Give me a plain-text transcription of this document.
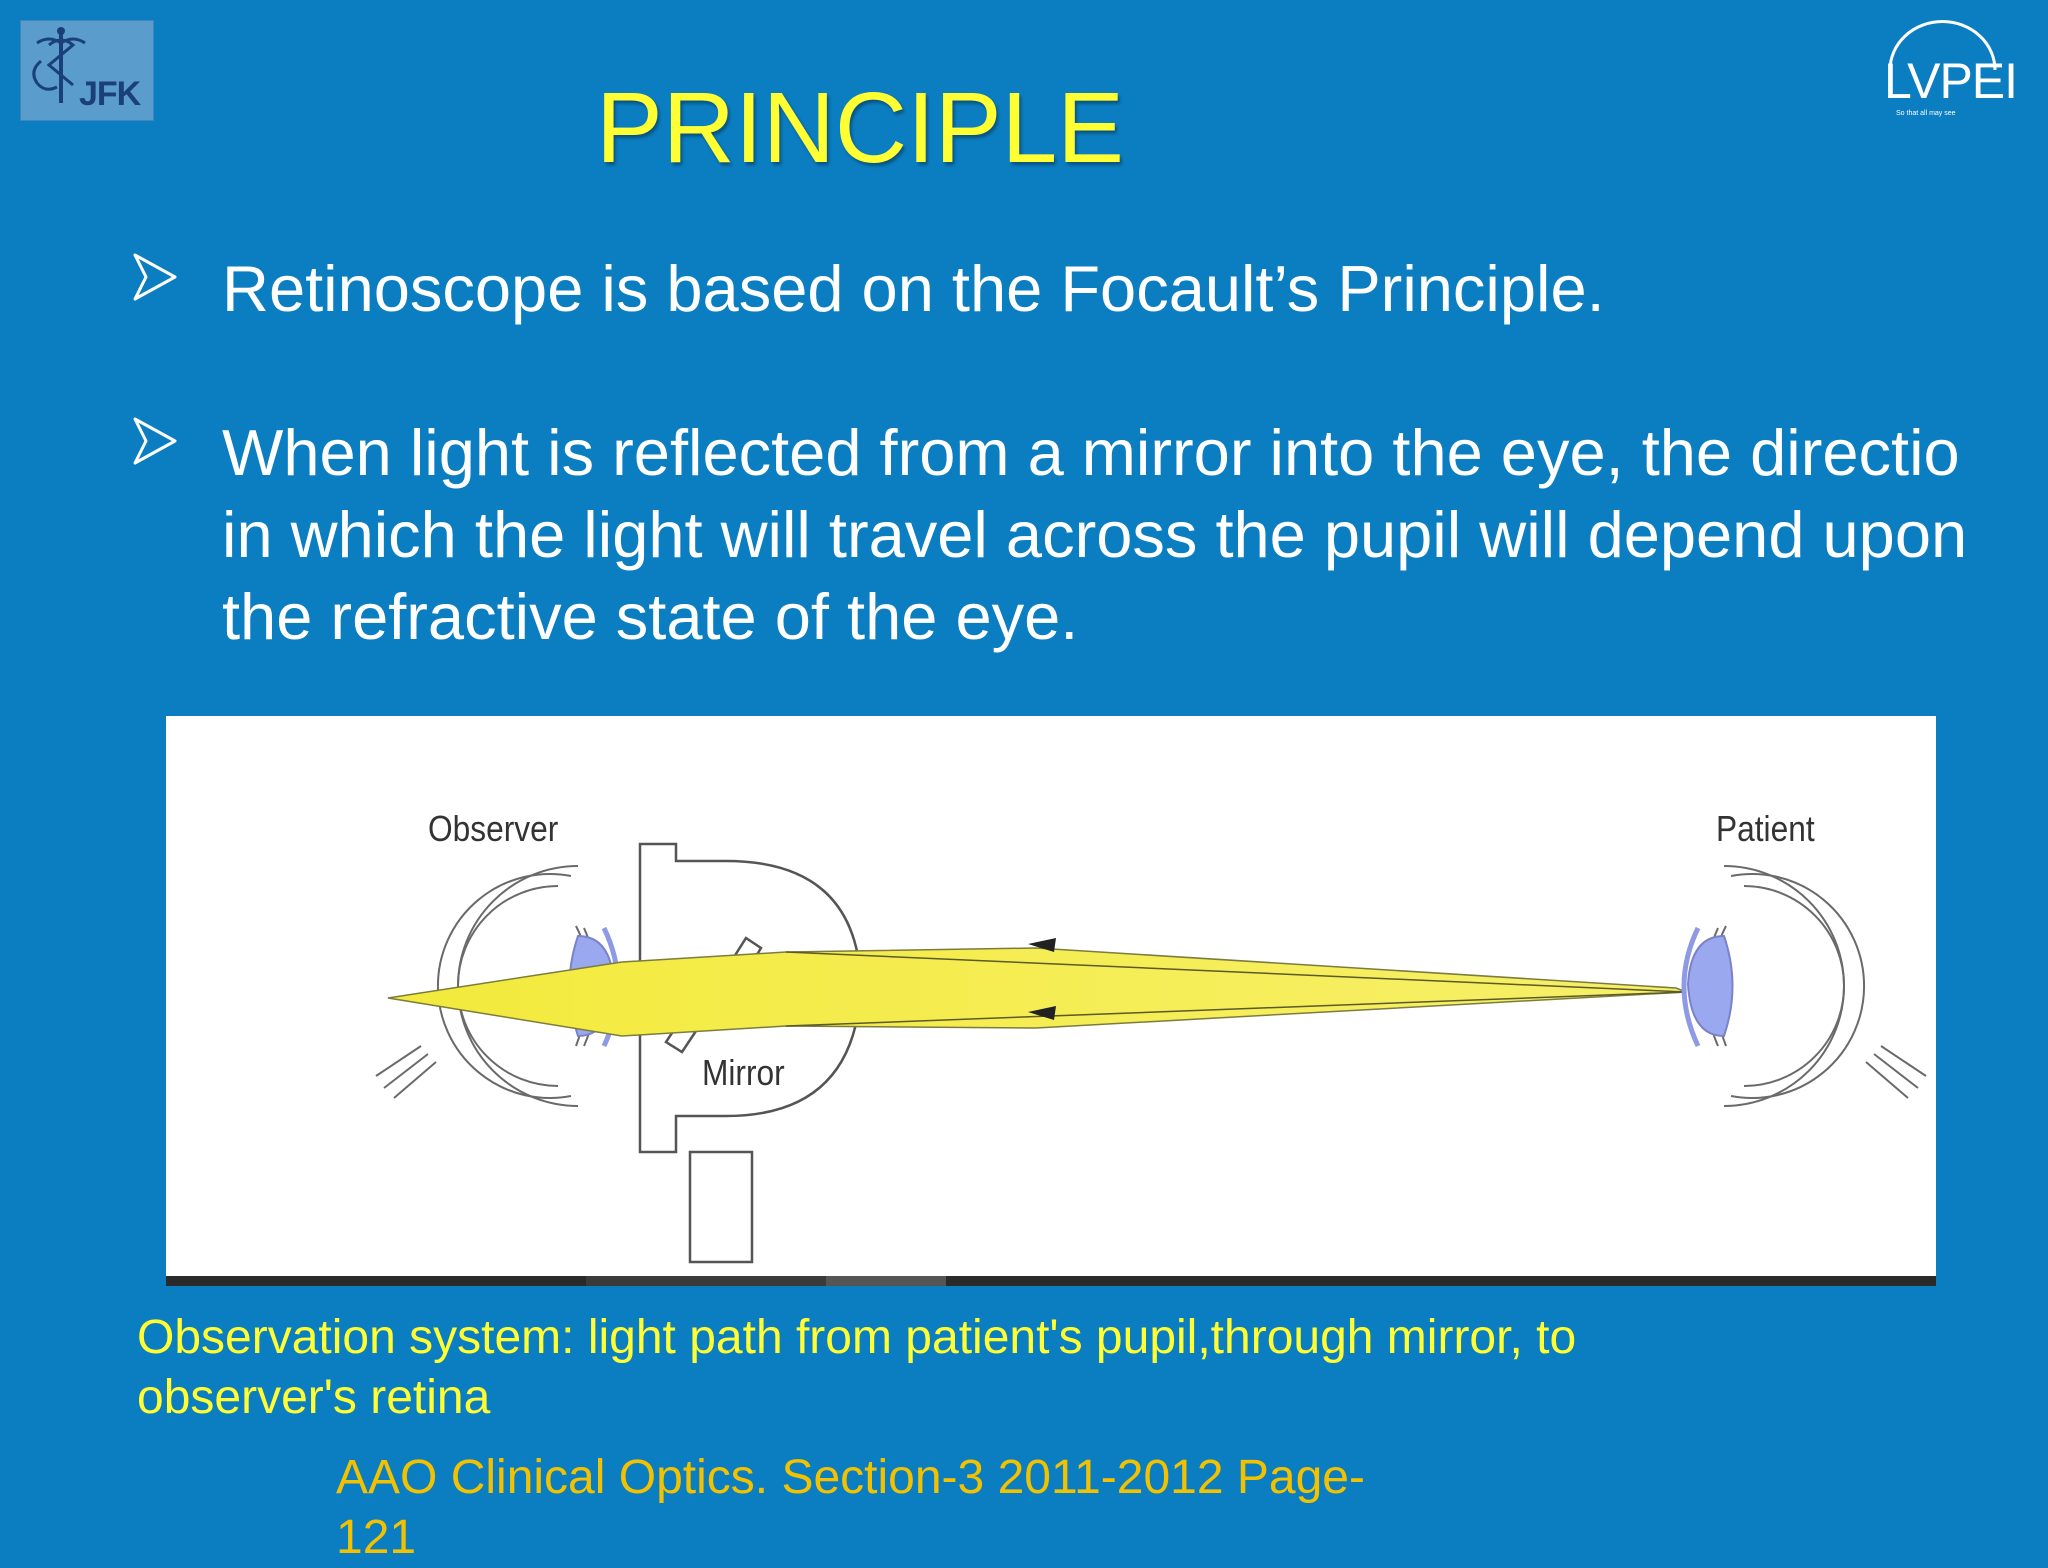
JFK	LVPEI
So that all may see
PRINCIPLE
Retinoscope is based on the Focault’s Principle.
When light is reflected from a mirror into the eye, the directio
in which the light will travel across the pupil will depend upon
the refractive state of the eye.
Observer	Patient
Mirror
Observation system: light path from patient's pupil,through mirror, to
observer's retina
AAO Clinical Optics. Section-3 2011-2012 Page-
121
